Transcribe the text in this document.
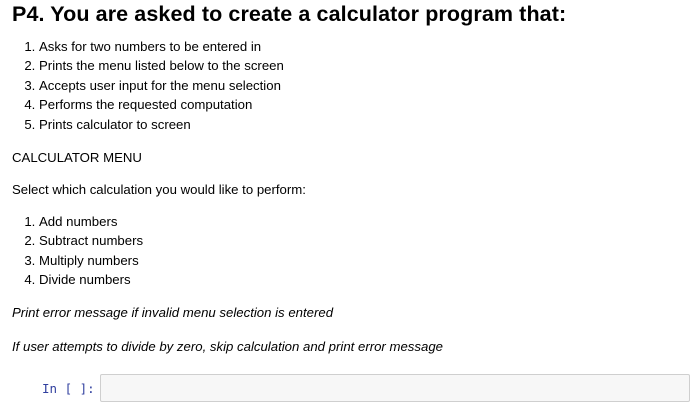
P4. You are asked to create a calculator program that:
1. Asks for two numbers to be entered in
2. Prints the menu listed below to the screen
3. Accepts user input for the menu selection
4. Performs the requested computation
5. Prints calculator to screen

CALCULATOR MENU

Select which calculation you would like to perform:

1. Add numbers
2. Subtract numbers
3. Multiply numbers
4. Divide numbers

Print error message if invalid menu selection is entered

If user attempts to divide by zero, skip calculation and print error message

In [ ]:
